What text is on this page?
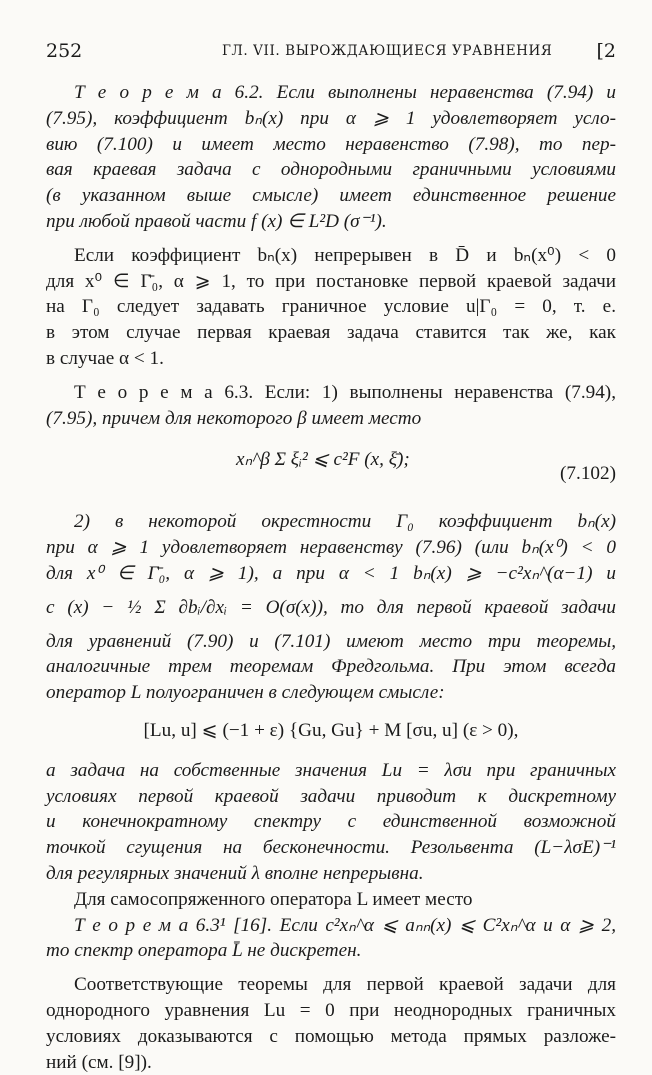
252	ГЛ. VII. ВЫРОЖДАЮЩИЕСЯ УРАВНЕНИЯ [2
Т е о р е м а 6.2. Если выполнены неравенства (7.94) и
(7.95), коэффициент bₙ(x) при α ⩾ 1 удовлетворяет усло-
вию (7.100) и имеет место неравенство (7.98), то пер-
вая краевая задача с однородными граничными условиями
(в указанном выше смысле) имеет единственное решение
при любой правой части f (x) ∈ L²D (σ⁻¹).
Если коэффициент bₙ(x) непрерывен в D̄ и bₙ(x⁰) < 0
для x⁰ ∈ Γ̄₀, α ⩾ 1, то при постановке первой краевой задачи
на Γ₀ следует задавать граничное условие u|Γ₀ = 0, т. е.
в этом случае первая краевая задача ставится так же, как
в случае α < 1.
Т е о р е м а 6.3. Если: 1) выполнены неравенства (7.94),
(7.95), причем для некоторого β имеет место
xₙ^β Σ ξᵢ² ⩽ c²F (x, ξ̄);
(7.102)
2) в некоторой окрестности Γ₀ коэффициент bₙ(x)
при α ⩾ 1 удовлетворяет неравенству (7.96) (или bₙ(x⁰) < 0
для x⁰ ∈ Γ̄₀, α ⩾ 1), а при α < 1 bₙ(x) ⩾ −c²xₙ^(α−1) и
c (x) − ½ Σ ∂bᵢ/∂xᵢ = O(σ(x)), то для первой краевой задачи
для уравнений (7.90) и (7.101) имеют место три теоремы,
аналогичные трем теоремам Фредгольма. При этом всегда
оператор L полуограничен в следующем смысле:
[Lu, u] ⩽ (−1 + ε) {Gu, Gu} + M [σu, u] (ε > 0),
а задача на собственные значения Lu = λσu при граничных
условиях первой краевой задачи приводит к дискретному
и конечнократному спектру с единственной возможной
точкой сгущения на бесконечности. Резольвента (L−λσE)⁻¹
для регулярных значений λ вполне непрерывна.
Для самосопряженного оператора L имеет место
Т е о р е м а 6.3¹ [16]. Если c²xₙ^α ⩽ aₙₙ(x) ⩽ C²xₙ^α и α ⩾ 2,
то спектр оператора L̄ не дискретен.
Соответствующие теоремы для первой краевой задачи для
однородного уравнения Lu = 0 при неоднородных граничных
условиях доказываются с помощью метода прямых разложе-
ний (см. [9]).
